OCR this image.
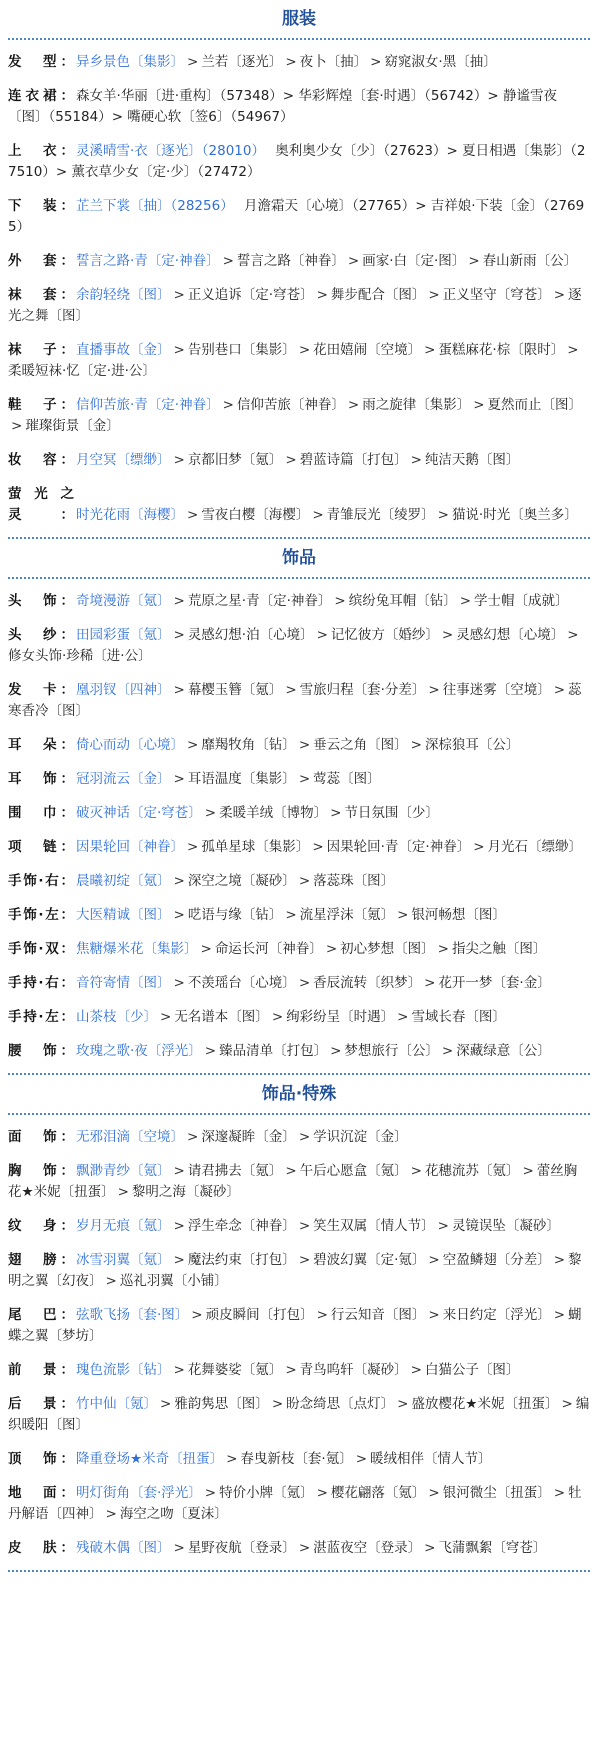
服装
发　型： 异乡景色〔集影〕 > 兰若〔逐光〕 > 夜卜〔抽〕 > 窈窕淑女·黑〔抽〕
连衣裙： 森女羊·华丽〔进·重构〕（57348）> 华彩辉煌〔套·时遇〕（56742）> 静谧雪夜〔图〕（55184）> 嘴硬心软〔签6〕（54967）
上　衣： 灵溪晴雪·衣〔逐光〕（28010） 奥利奥少女〔少〕（27623）> 夏日相遇〔集影〕（27510）> 薰衣草少女〔定·少〕（27472）
下　装： 芷兰下裳〔抽〕（28256） 月澹霜天〔心境〕（27765）> 吉祥娘·下装〔金〕（27695）
外　套： 誓言之路·青〔定·神眷〕 > 誓言之路〔神眷〕 > 画家·白〔定·图〕 > 春山新雨〔公〕
袜　套： 余韵轻绕〔图〕 > 正义追诉〔定·穹苍〕 > 舞步配合〔图〕 > 正义坚守〔穹苍〕 > 逐光之舞〔图〕
袜　子： 直播事故〔金〕 > 告别巷口〔集影〕 > 花田嬉闹〔空境〕 > 蛋糕麻花·棕〔限时〕 >柔暖短袜·忆〔定·进·公〕
鞋　子： 信仰苦旅·青〔定·神眷〕 > 信仰苦旅〔神眷〕 > 雨之旋律〔集影〕 > 夏然而止〔图〕> 璀璨街景〔金〕
妆　容： 月空冥〔缥缈〕 > 京都旧梦〔氪〕 > 碧蓝诗篇〔打包〕 > 纯洁天鹅〔图〕
萤光之灵： 时光花雨〔海樱〕 > 雪夜白樱〔海樱〕 > 青雏辰光〔绫罗〕 > 猫说·时光〔奥兰多〕
饰品
头　饰： 奇境漫游〔氪〕 > 荒原之星·青〔定·神眷〕 > 缤纷兔耳帽〔钻〕 > 学士帽〔成就〕
头　纱： 田园彩蛋〔氪〕 > 灵感幻想·泊〔心境〕 > 记忆彼方〔婚纱〕 > 灵感幻想〔心境〕 >修女头饰·珍稀〔进·公〕
发　卡： 凰羽钗〔四神〕 > 幕樱玉簪〔氪〕 > 雪旅归程〔套·分差〕 > 往事迷雾〔空境〕 > 蕊寒香冷〔图〕
耳　朵： 倚心而动〔心境〕 > 靡羯牧角〔钻〕 > 垂云之角〔图〕 > 深棕狼耳〔公〕
耳　饰： 冠羽流云〔金〕 > 耳语温度〔集影〕 > 莺蕊〔图〕
围　巾： 破灭神话〔定·穹苍〕 > 柔暖羊绒〔博物〕 > 节日氛围〔少〕
项　链： 因果轮回〔神眷〕 > 孤单星球〔集影〕 > 因果轮回·青〔定·神眷〕 > 月光石〔缥缈〕
手饰·右： 晨曦初绽〔氪〕 > 深空之境〔凝砂〕 > 落蕊珠〔图〕
手饰·左： 大医精诚〔图〕 > 呓语与缘〔钻〕 > 流星浮沫〔氪〕 > 银河畅想〔图〕
手饰·双： 焦糖爆米花〔集影〕 > 命运长河〔神眷〕 > 初心梦想〔图〕 > 指尖之触〔图〕
手持·右： 音符寄情〔图〕 > 不羡瑶台〔心境〕 > 香辰流转〔织梦〕 > 花开一梦〔套·金〕
手持·左： 山茶枝〔少〕 > 无名谱本〔图〕 > 绚彩纷呈〔时遇〕 > 雪域长春〔图〕
腰　饰： 玫瑰之歌·夜〔浮光〕 > 臻品清单〔打包〕 > 梦想旅行〔公〕 > 深藏绿意〔公〕
饰品·特殊
面　饰： 无邪泪滴〔空境〕 > 深邃凝眸〔金〕 > 学识沉淀〔金〕
胸　饰： 飘渺青纱〔氪〕 > 请君拂去〔氪〕 > 午后心愿盒〔氪〕 > 花穗流苏〔氪〕 > 蕾丝胸花★米妮〔扭蛋〕 > 黎明之海〔凝砂〕
纹　身： 岁月无痕〔氪〕 > 浮生牵念〔神眷〕 > 笑生双属〔情人节〕 > 灵镜误坠〔凝砂〕
翅　膀： 冰雪羽翼〔氪〕 > 魔法约束〔打包〕 > 碧波幻翼〔定·氪〕 > 空盈鳞翅〔分差〕 > 黎明之翼〔幻夜〕 > 巡礼羽翼〔小铺〕
尾　巴： 弦歌飞扬〔套·图〕 > 顽皮瞬间〔打包〕 > 行云知音〔图〕 > 来日约定〔浮光〕 > 蝴蝶之翼〔梦坊〕
前　景： 瑰色流影〔钻〕 > 花舞婆娑〔氪〕 > 青鸟呜轩〔凝砂〕 > 白猫公子〔图〕
后　景： 竹中仙〔氪〕 > 雅韵隽思〔图〕 > 盼念绮思〔点灯〕 > 盛放樱花★米妮〔扭蛋〕 > 编织暖阳〔图〕
顶　饰： 降重登场★米奇〔扭蛋〕 > 春曳新枝〔套·氪〕 > 暖绒相伴〔情人节〕
地　面： 明灯街角〔套·浮光〕 > 特价小牌〔氪〕 > 樱花翩落〔氪〕 > 银河微尘〔扭蛋〕 > 牡丹解语〔四神〕 > 海空之吻〔夏沫〕
皮　肤： 残破木偶〔图〕 > 星野夜航〔登录〕 > 湛蓝夜空〔登录〕 > 飞蒲飘絮〔穹苍〕
